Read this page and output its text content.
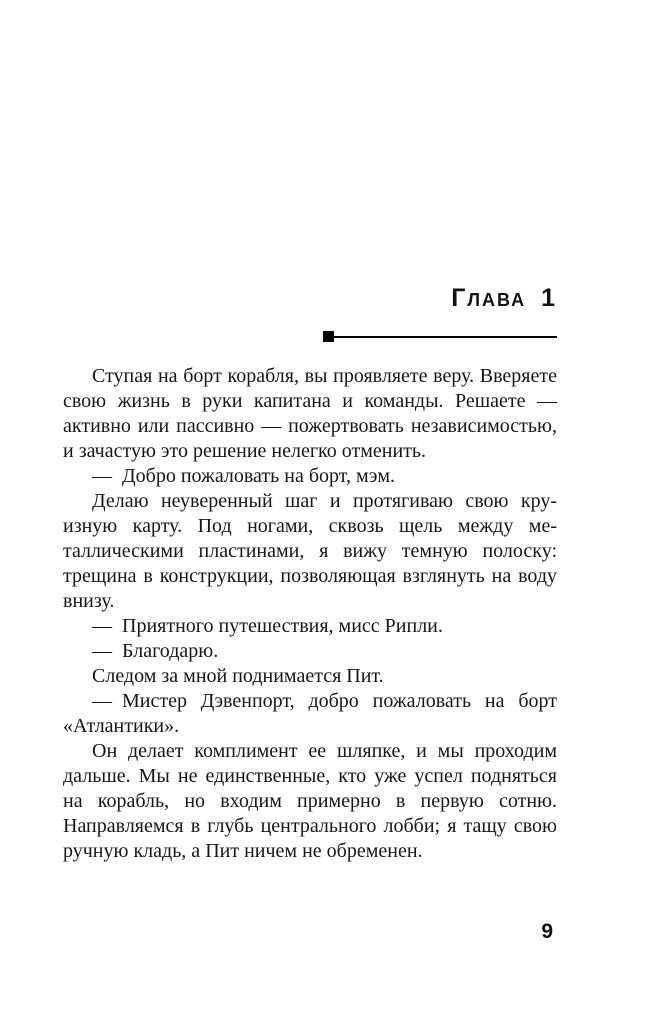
Глава 1

Ступая на борт корабля, вы проявляете веру. Вверяете свою жизнь в руки капитана и команды. Решаете — активно или пассивно — пожертвовать независимостью, и зачастую это решение нелегко отменить.

— Добро пожаловать на борт, мэм.

Делаю неуверенный шаг и протягиваю свою круизную карту. Под ногами, сквозь щель между металлическими пластинами, я вижу темную полоску: трещина в конструкции, позволяющая взглянуть на воду внизу.

— Приятного путешествия, мисс Рипли.

— Благодарю.

Следом за мной поднимается Пит.

— Мистер Дэвенпорт, добро пожаловать на борт «Атлантики».

Он делает комплимент ее шляпке, и мы проходим дальше. Мы не единственные, кто уже успел подняться на корабль, но входим примерно в первую сотню. Направляемся в глубь центрального лобби; я тащу свою ручную кладь, а Пит ничем не обременен.

9
